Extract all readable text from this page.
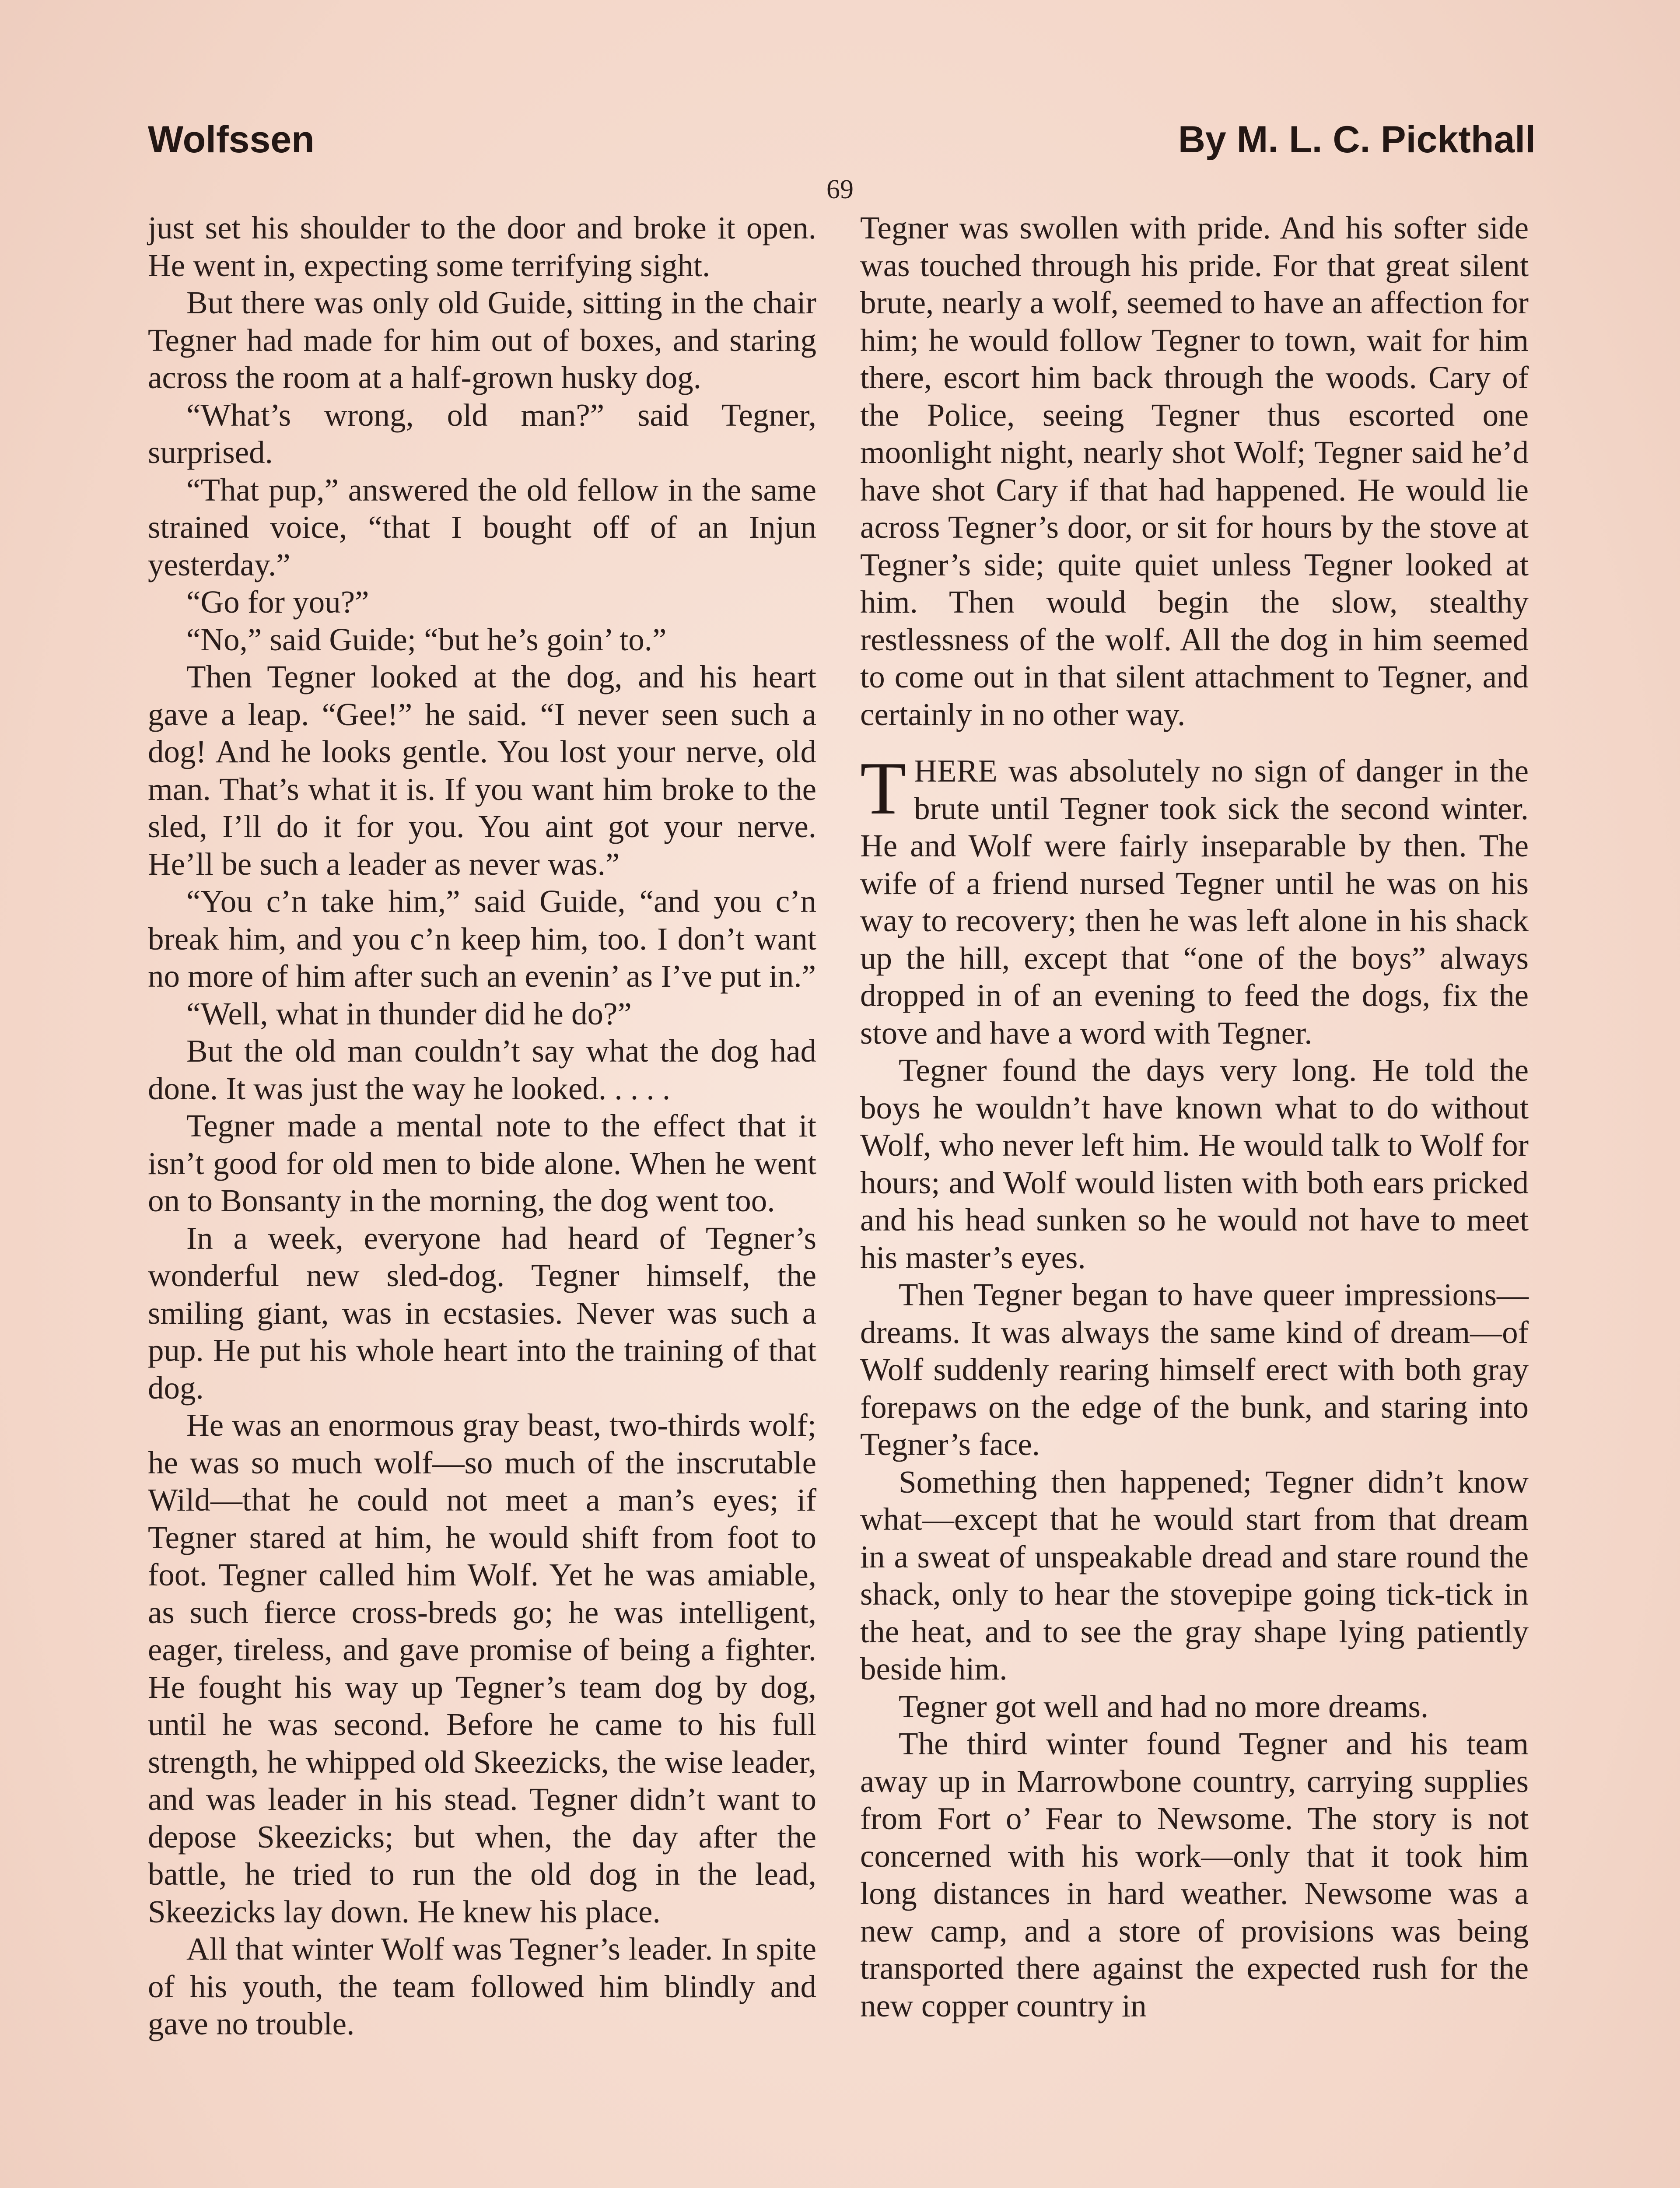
Wolfssen	By M. L. C. Pickthall
69

just set his shoulder to the door and broke it open. He went in, expecting some terrifying sight.

But there was only old Guide, sitting in the chair Tegner had made for him out of boxes, and staring across the room at a half-grown husky dog.

“What’s wrong, old man?” said Tegner, surprised.

“That pup,” answered the old fellow in the same strained voice, “that I bought off of an Injun yesterday.”

“Go for you?”

“No,” said Guide; “but he’s goin’ to.”

Then Tegner looked at the dog, and his heart gave a leap. “Gee!” he said. “I never seen such a dog! And he looks gentle. You lost your nerve, old man. That’s what it is. If you want him broke to the sled, I’ll do it for you. You aint got your nerve. He’ll be such a leader as never was.”

“You c’n take him,” said Guide, “and you c’n break him, and you c’n keep him, too. I don’t want no more of him after such an evenin’ as I’ve put in.”

“Well, what in thunder did he do?”

But the old man couldn’t say what the dog had done. It was just the way he looked. . . . .

Tegner made a mental note to the effect that it isn’t good for old men to bide alone. When he went on to Bonsanty in the morning, the dog went too.

In a week, everyone had heard of Tegner’s wonderful new sled-dog. Tegner himself, the smiling giant, was in ecstasies. Never was such a pup. He put his whole heart into the training of that dog.

He was an enormous gray beast, two-thirds wolf; he was so much wolf—so much of the inscrutable Wild—that he could not meet a man’s eyes; if Tegner stared at him, he would shift from foot to foot. Tegner called him Wolf. Yet he was amiable, as such fierce cross-breds go; he was intelligent, eager, tireless, and gave promise of being a fighter. He fought his way up Tegner’s team dog by dog, until he was second. Before he came to his full strength, he whipped old Skeezicks, the wise leader, and was leader in his stead. Tegner didn’t want to depose Skeezicks; but when, the day after the battle, he tried to run the old dog in the lead, Skeezicks lay down. He knew his place.

All that winter Wolf was Tegner’s leader. In spite of his youth, the team followed him blindly and gave no trouble.

Tegner was swollen with pride. And his softer side was touched through his pride. For that great silent brute, nearly a wolf, seemed to have an affection for him; he would follow Tegner to town, wait for him there, escort him back through the woods. Cary of the Police, seeing Tegner thus escorted one moonlight night, nearly shot Wolf; Tegner said he’d have shot Cary if that had happened. He would lie across Tegner’s door, or sit for hours by the stove at Tegner’s side; quite quiet unless Tegner looked at him. Then would begin the slow, stealthy restlessness of the wolf. All the dog in him seemed to come out in that silent attachment to Tegner, and certainly in no other way.

THERE was absolutely no sign of danger in the brute until Tegner took sick the second winter. He and Wolf were fairly inseparable by then. The wife of a friend nursed Tegner until he was on his way to recovery; then he was left alone in his shack up the hill, except that “one of the boys” always dropped in of an evening to feed the dogs, fix the stove and have a word with Tegner.

Tegner found the days very long. He told the boys he wouldn’t have known what to do without Wolf, who never left him. He would talk to Wolf for hours; and Wolf would listen with both ears pricked and his head sunken so he would not have to meet his master’s eyes.

Then Tegner began to have queer impressions—dreams. It was always the same kind of dream—of Wolf suddenly rearing himself erect with both gray forepaws on the edge of the bunk, and staring into Tegner’s face.

Something then happened; Tegner didn’t know what—except that he would start from that dream in a sweat of unspeakable dread and stare round the shack, only to hear the stovepipe going tick-tick in the heat, and to see the gray shape lying patiently beside him.

Tegner got well and had no more dreams.

The third winter found Tegner and his team away up in Marrowbone country, carrying supplies from Fort o’ Fear to Newsome. The story is not concerned with his work—only that it took him long distances in hard weather. Newsome was a new camp, and a store of provisions was being transported there against the expected rush for the new copper country in
